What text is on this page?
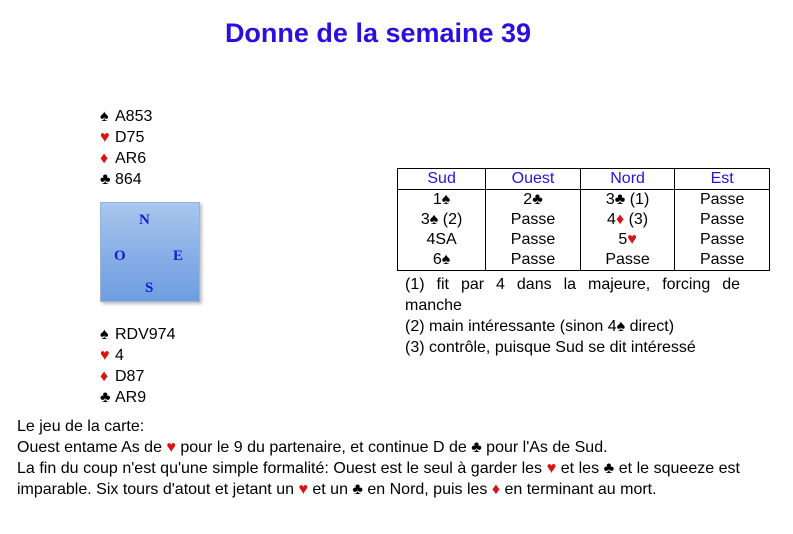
Donne de la semaine 39
♠ A853
♥ D75
♦ AR6
♣ 864
N
O	E
S
♠ RDV974
♥ 4
♦ D87
♣ AR9
Sud	Ouest	Nord	Est
1♠	2♣	3♣ (1)	Passe
3♠ (2)	Passe	4♦ (3)	Passe
4SA	Passe	5♥	Passe
6♠	Passe	Passe	Passe
(1) fit par 4 dans la majeure, forcing de manche
(2) main intéressante (sinon 4♠ direct)
(3) contrôle, puisque Sud se dit intéressé
Le jeu de la carte:
Ouest entame As de ♥ pour le 9 du partenaire, et continue D de ♣ pour l'As de Sud.
La fin du coup n'est qu'une simple formalité: Ouest est le seul à garder les ♥ et les ♣ et le squeeze est imparable. Six tours d'atout et jetant un ♥ et un ♣ en Nord, puis les ♦ en terminant au mort.
